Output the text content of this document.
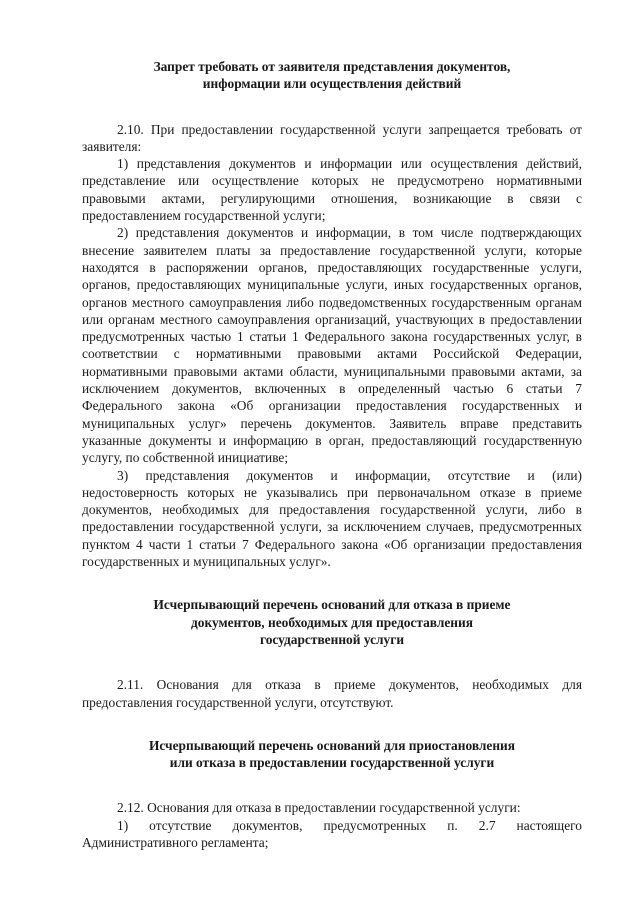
Запрет требовать от заявителя представления документов,
информации или осуществления действий

2.10. При предоставлении государственной услуги запрещается требовать от заявителя:

1) представления документов и информации или осуществления действий, представление или осуществление которых не предусмотрено нормативными правовыми актами, регулирующими отношения, возникающие в связи с предоставлением государственной услуги;

2) представления документов и информации, в том числе подтверждающих внесение заявителем платы за предоставление государственной услуги, которые находятся в распоряжении органов, предоставляющих государственные услуги, органов, предоставляющих муниципальные услуги, иных государственных органов, органов местного самоуправления либо подведомственных государственным органам или органам местного самоуправления организаций, участвующих в предоставлении предусмотренных частью 1 статьи 1 Федерального закона государственных услуг, в соответствии с нормативными правовыми актами Российской Федерации, нормативными правовыми актами области, муниципальными правовыми актами, за исключением документов, включенных в определенный частью 6 статьи 7 Федерального закона «Об организации предоставления государственных и муниципальных услуг» перечень документов. Заявитель вправе представить указанные документы и информацию в орган, предоставляющий государственную услугу, по собственной инициативе;

3) представления документов и информации, отсутствие и (или) недостоверность которых не указывались при первоначальном отказе в приеме документов, необходимых для предоставления государственной услуги, либо в предоставлении государственной услуги, за исключением случаев, предусмотренных пунктом 4 части 1 статьи 7 Федерального закона «Об организации предоставления государственных и муниципальных услуг».

Исчерпывающий перечень оснований для отказа в приеме
документов, необходимых для предоставления
государственной услуги

2.11. Основания для отказа в приеме документов, необходимых для предоставления государственной услуги, отсутствуют.

Исчерпывающий перечень оснований для приостановления
или отказа в предоставлении государственной услуги

2.12. Основания для отказа в предоставлении государственной услуги:

1) отсутствие документов, предусмотренных п. 2.7 настоящего Административного регламента;
